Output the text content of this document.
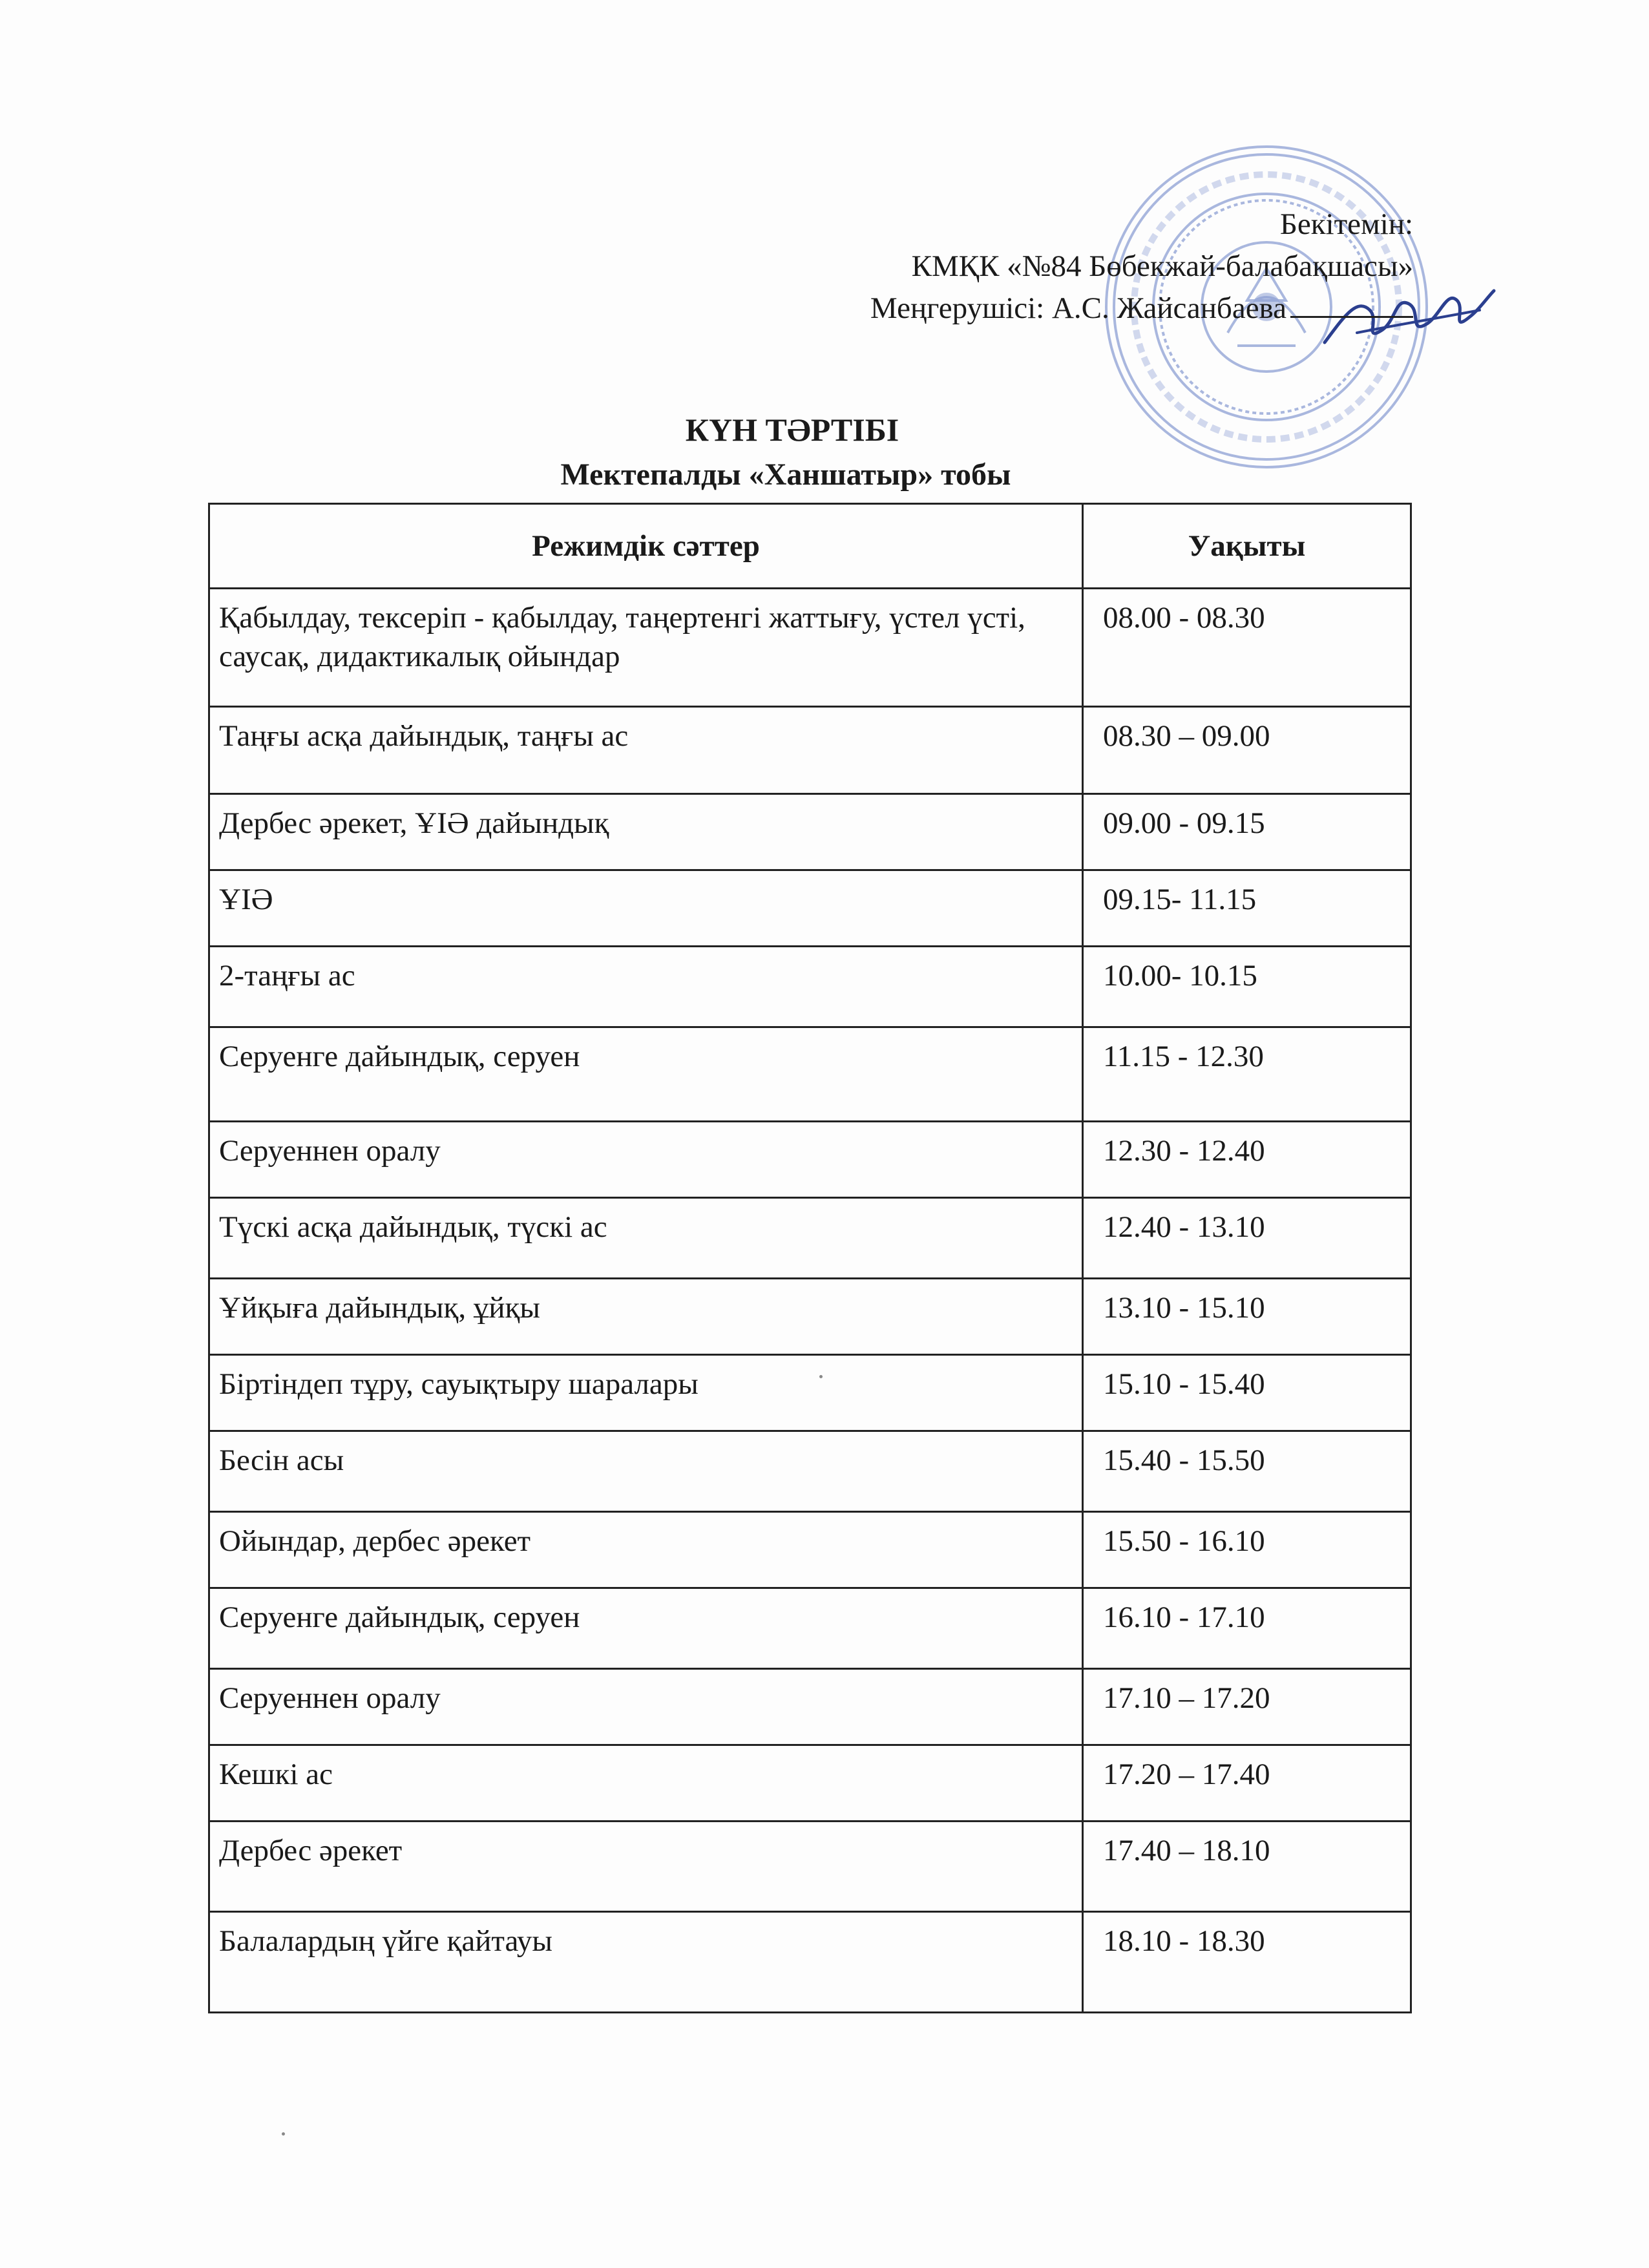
Бекітемін:
КМҚК «№84 Бөбекжай-балабақшасы»
Меңгерушісі: А.С. Жайсанбаева
КҮН ТӘРТІБІ
Мектепалды «Ханшатыр» тобы
Режимдік сәттер	Уақыты
Қабылдау, тексеріп - қабылдау, таңертенгі жаттығу, үстел үсті, саусақ, дидактикалық ойындар	08.00 - 08.30
Таңғы асқа дайындық, таңғы ас	08.30 – 09.00
Дербес әрекет, ҰІӘ дайындық	09.00 - 09.15
ҰІӘ	09.15- 11.15
2-таңғы ас	10.00- 10.15
Серуенге дайындық, серуен	11.15 - 12.30
Серуеннен оралу	12.30 - 12.40
Түскі асқа дайындық, түскі ас	12.40 - 13.10
Ұйқыға дайындық, ұйқы	13.10 - 15.10
Біртіндеп тұру, сауықтыру шаралары	15.10 - 15.40
Бесін асы	15.40 - 15.50
Ойындар, дербес әрекет	15.50 - 16.10
Серуенге дайындық, серуен	16.10 - 17.10
Серуеннен оралу	17.10 – 17.20
Кешкі ас	17.20 – 17.40
Дербес әрекет	17.40 – 18.10
Балалардың үйге қайтауы	18.10 - 18.30
